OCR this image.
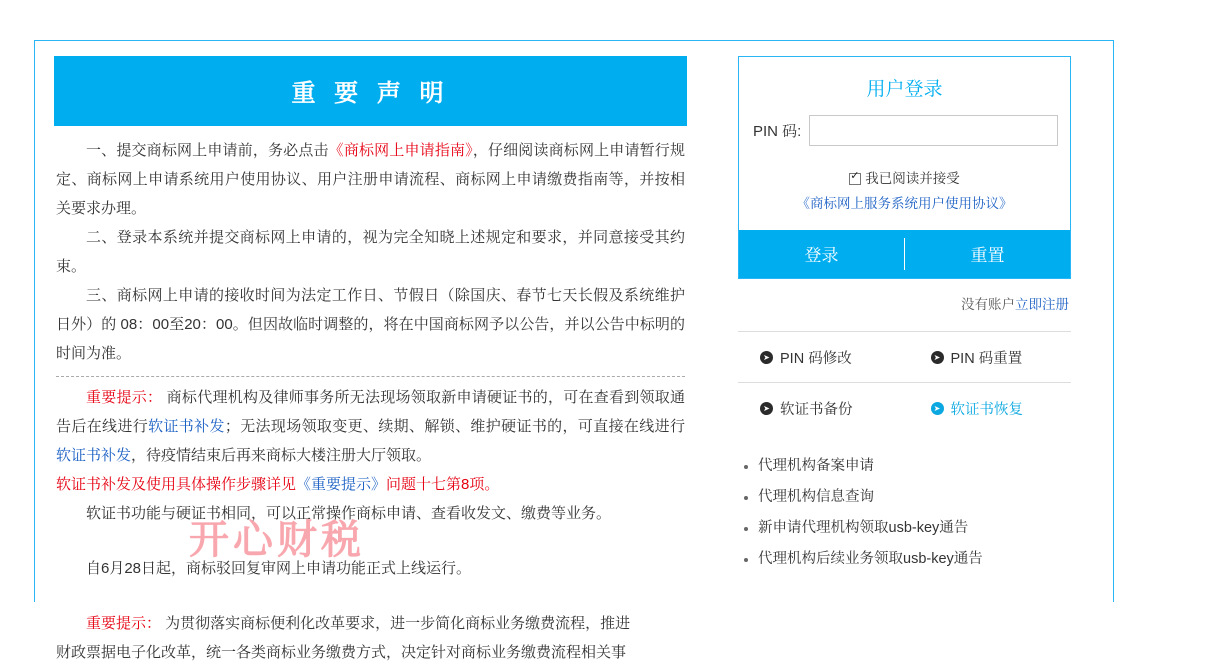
重 要 声 明

一、提交商标网上申请前，务必点击《商标网上申请指南》，仔细阅读商标网上申请暂行规定、商标网上申请系统用户使用协议、用户注册申请流程、商标网上申请缴费指南等，并按相关要求办理。

二、登录本系统并提交商标网上申请的，视为完全知晓上述规定和要求，并同意接受其约束。

三、商标网上申请的接收时间为法定工作日、节假日（除国庆、春节七天长假及系统维护日外）的 08：00至20：00。但因故临时调整的，将在中国商标网予以公告，并以公告中标明的时间为准。

重要提示： 商标代理机构及律师事务所无法现场领取新申请硬证书的，可在查看到领取通告后在线进行软证书补发；无法现场领取变更、续期、解锁、维护硬证书的，可直接在线进行软证书补发，待疫情结束后再来商标大楼注册大厅领取。

软证书补发及使用具体操作步骤详见《重要提示》问题十七第8项。

软证书功能与硬证书相同，可以正常操作商标申请、查看收发文、缴费等业务。

自6月28日起，商标驳回复审网上申请功能正式上线运行。

重要提示： 为贯彻落实商标便利化改革要求，进一步简化商标业务缴费流程，推进

财政票据电子化改革，统一各类商标业务缴费方式，决定针对商标业务缴费流程相关事

开心财税
用户登录
PIN 码:
✓我已阅读并接受
《商标网上服务系统用户使用协议》
登录	重置
没有账户立即注册
➤ PIN 码修改	➤ PIN 码重置
➤ 软证书备份	➤ 软证书恢复
代理机构备案申请
代理机构信息查询
新申请代理机构领取usb-key通告
代理机构后续业务领取usb-key通告
